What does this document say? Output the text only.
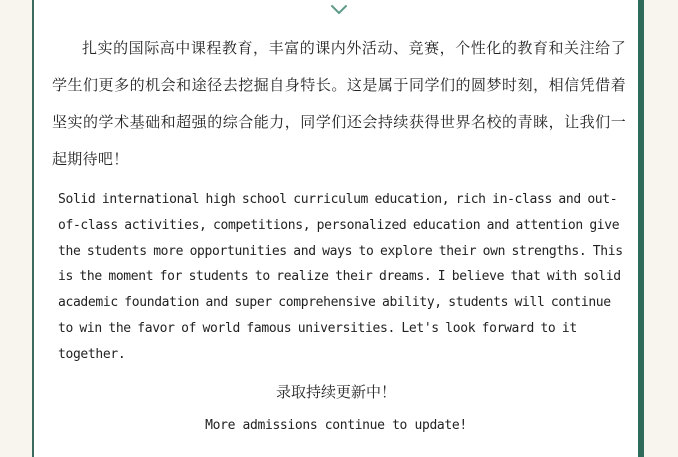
扎实的国际高中课程教育，丰富的课内外活动、竞赛，个性化的教育和关注给了学生们更多的机会和途径去挖掘自身特长。这是属于同学们的圆梦时刻，相信凭借着坚实的学术基础和超强的综合能力，同学们还会持续获得世界名校的青睐，让我们一起期待吧！

Solid international high school curriculum education, rich in-class and out-of-class activities, competitions, personalized education and attention give the students more opportunities and ways to explore their own strengths. This is the moment for students to realize their dreams. I believe that with solid academic foundation and super comprehensive ability, students will continue to win the favor of world famous universities. Let's look forward to it together.

录取持续更新中！

More admissions continue to update!
